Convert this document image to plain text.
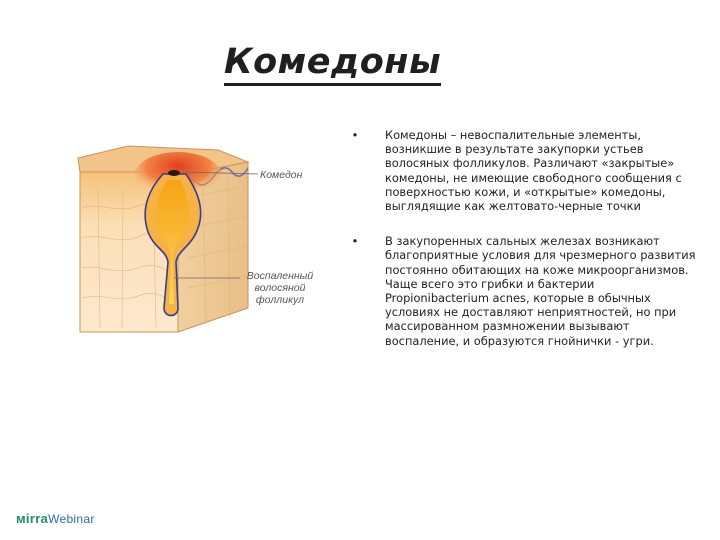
Комедоны
Комедон
Воспаленный волосяной фолликул
•	Комедоны – невоспалительные элементы, возникшие в результате закупорки устьев волосяных фолликулов. Различают «закрытые» комедоны, не имеющие свободного сообщения с поверхностью кожи, и «открытые» комедоны, выглядящие как желтовато-черные точки
•	В закупоренных сальных железах возникают благоприятные условия для чрезмерного развития постоянно обитающих на коже микроорганизмов. Чаще всего это грибки и бактерии Propionibacterium acnes, которые в обычных условиях не доставляют неприятностей, но при массированном размножении вызывают воспаление, и образуются гнойнички - угри.
мirraWebinar
